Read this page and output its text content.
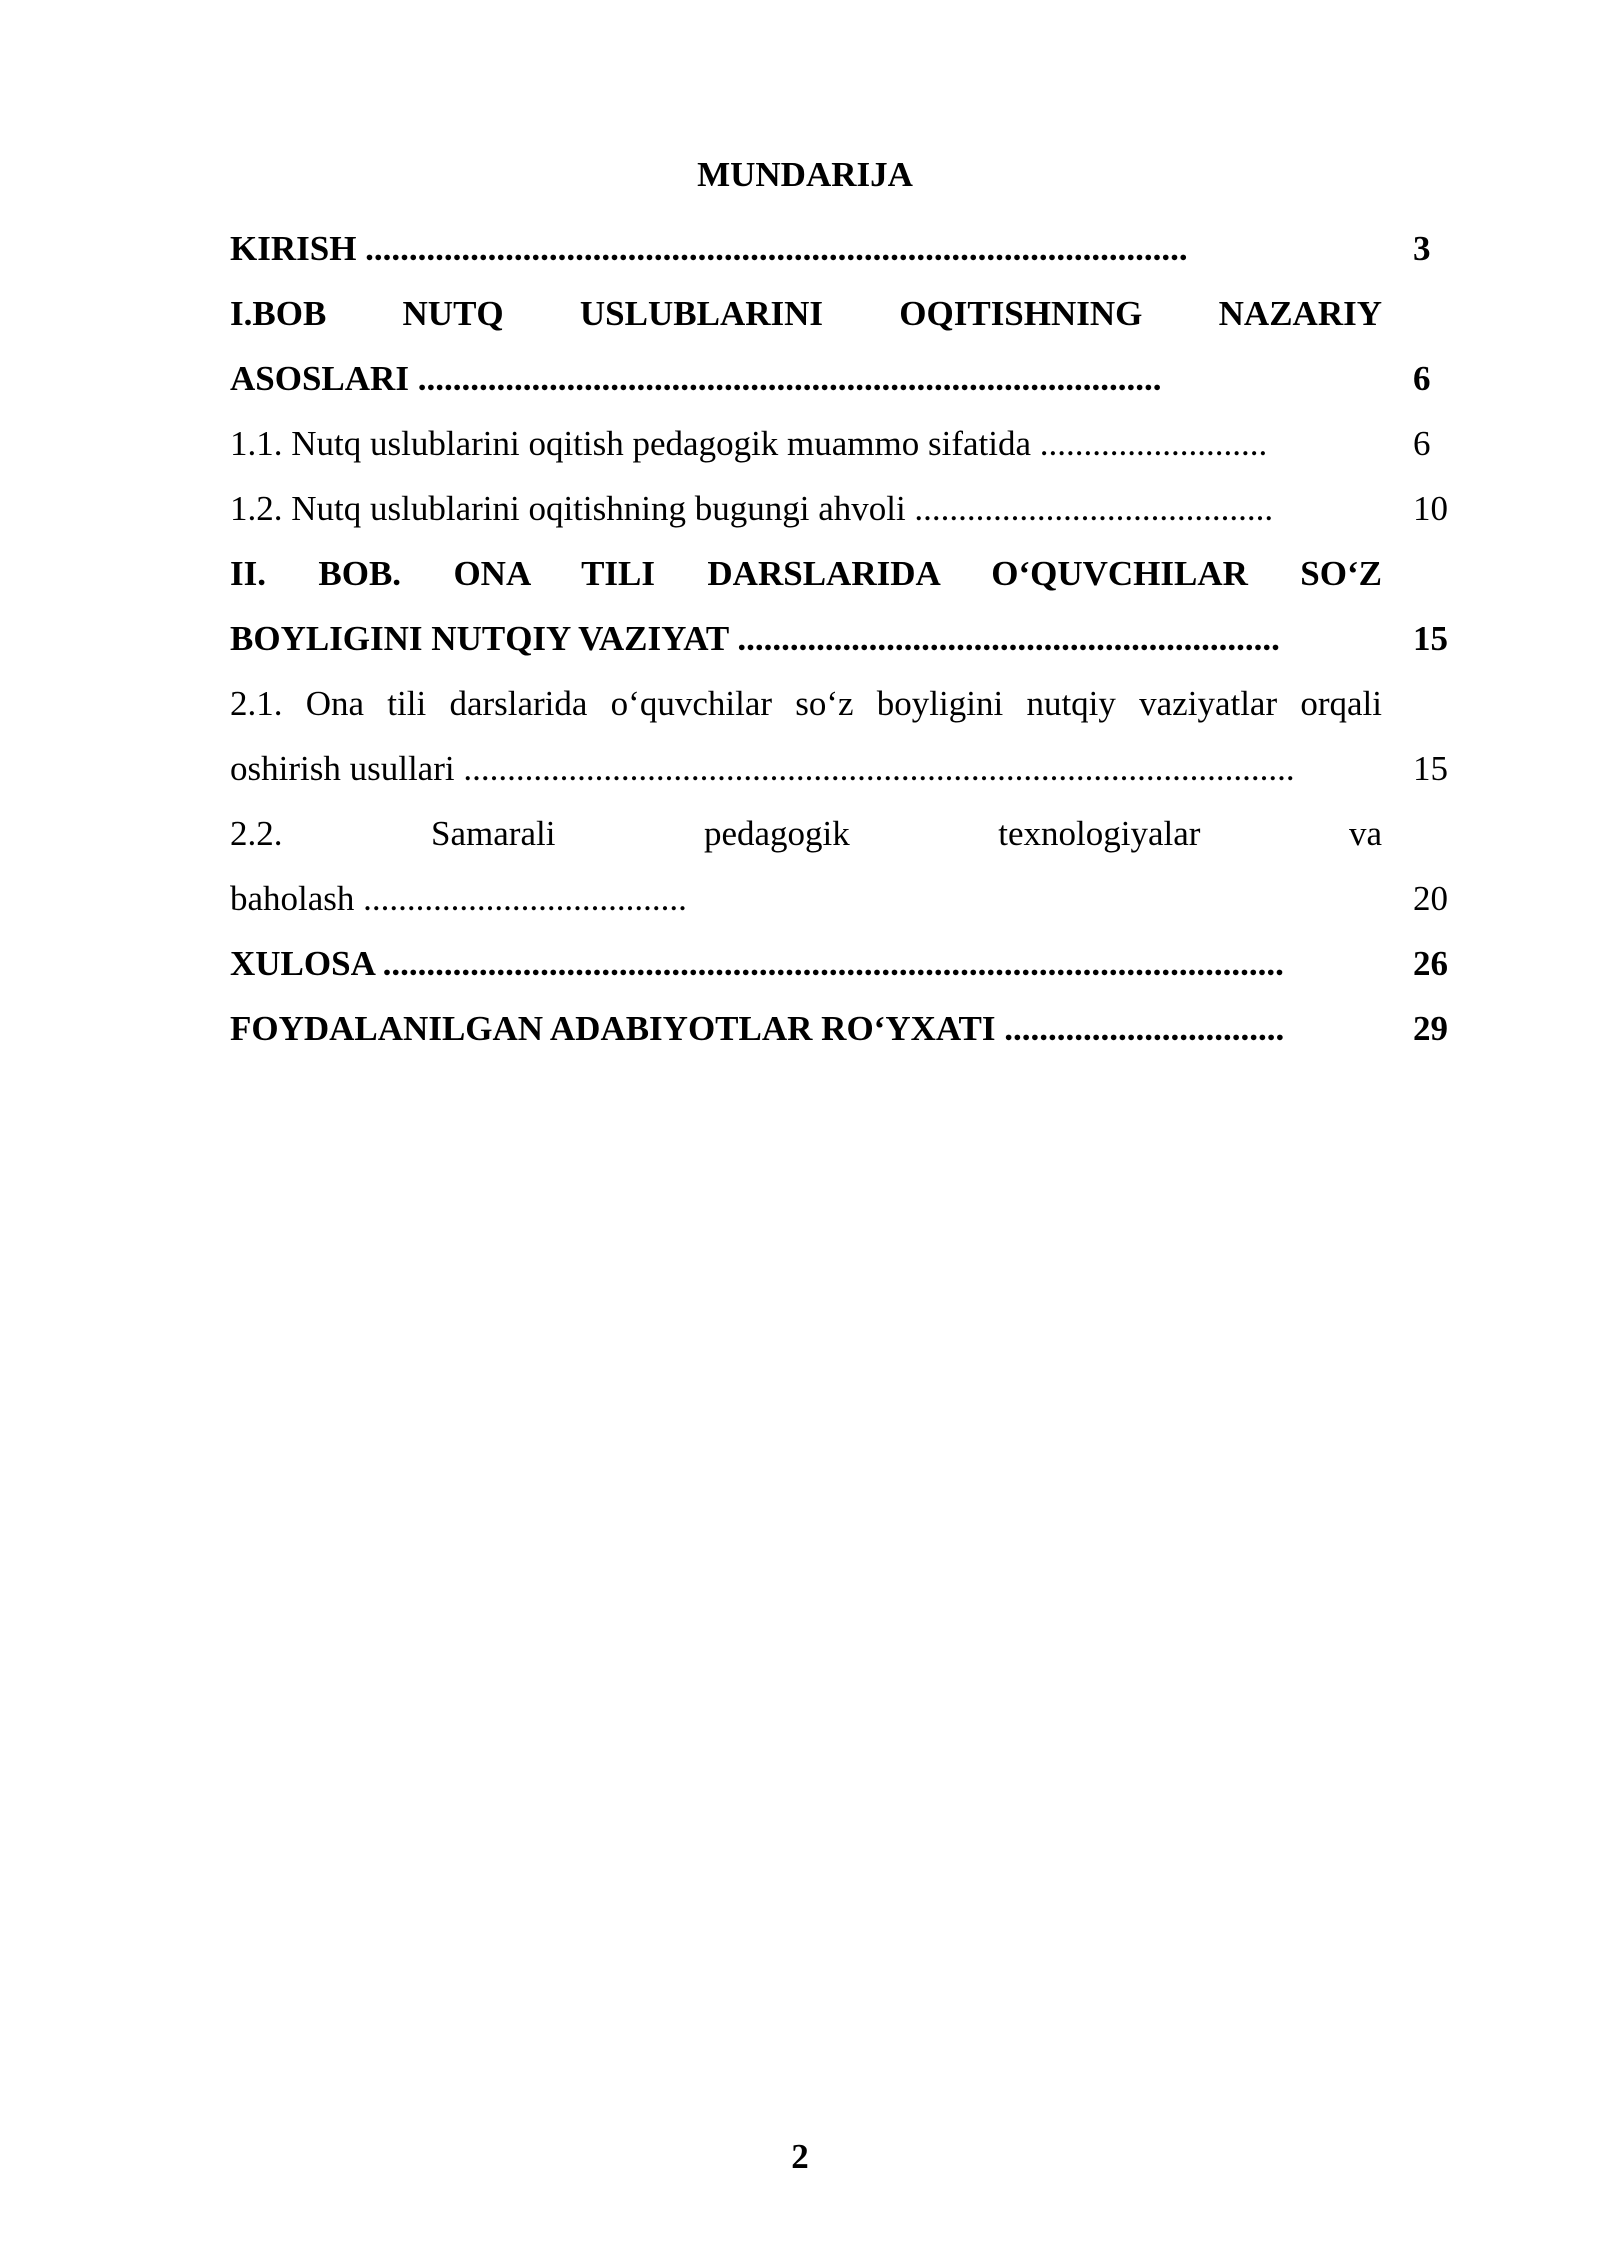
MUNDARIJA
KIRISH ..............................................................................................	3
I.BOB NUTQ USLUBLARINI OQITISHNING NAZARIY
ASOSLARI .....................................................................................	6
1.1. Nutq uslublarini oqitish pedagogik muammo sifatida ..........................	6
1.2. Nutq uslublarini oqitishning bugungi ahvoli .........................................	10
II. BOB. ONA TILI DARSLARIDA O‘QUVCHILAR SO‘Z
BOYLIGINI NUTQIY VAZIYAT ..............................................................	15
2.1. Ona tili darslarida o‘quvchilar so‘z boyligini nutqiy vaziyatlar orqali
oshirish usullari ...............................................................................................	15
2.2. Samarali pedagogik texnologiyalar va
baholash .....................................	20
XULOSA .......................................................................................................	26
FOYDALANILGAN ADABIYOTLAR RO‘YXATI ................................	29
2
